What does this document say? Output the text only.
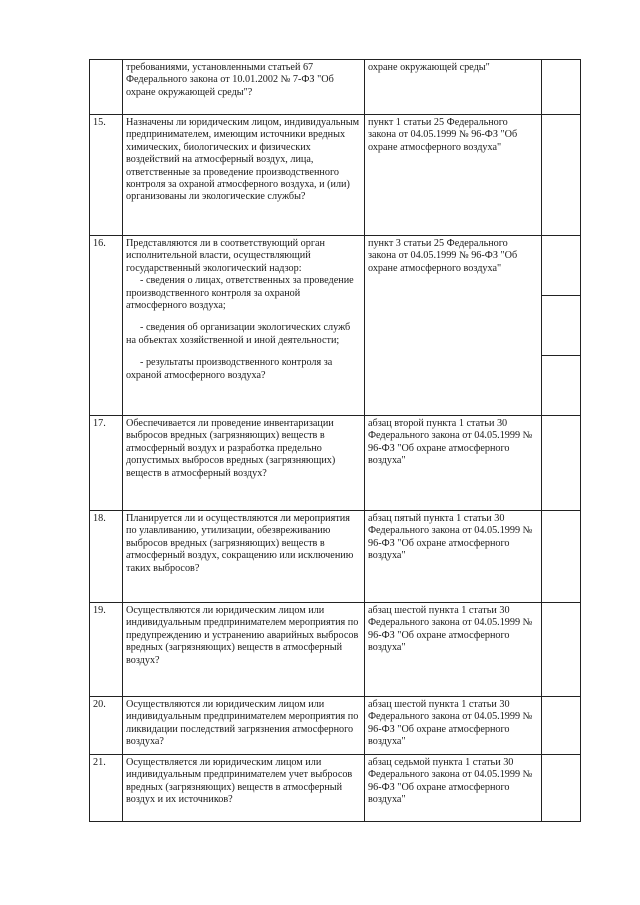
	требованиями, установленными статьей 67 Федерального закона от 10.01.2002 № 7-ФЗ "Об охране окружающей среды"?	охране окружающей среды"	
15.	Назначены ли юридическим лицом, индивидуальным предпринимателем, имеющим источники вредных химических, биологических и физических воздействий на атмосферный воздух, лица, ответственные за проведение производственного контроля за охраной атмосферного воздуха, и (или) организованы ли экологические службы?	пункт 1 статьи 25 Федерального закона от 04.05.1999 № 96-ФЗ "Об охране атмосферного воздуха"	
16.	Представляются ли в соответствующий орган исполнительной власти, осуществляющий государственный экологический надзор:
- сведения о лицах, ответственных за проведение производственного контроля за охраной атмосферного воздуха;
- сведения об организации экологических служб на объектах хозяйственной и иной деятельности;
- результаты производственного контроля за охраной атмосферного воздуха?	пункт 3 статьи 25 Федерального закона от 04.05.1999 № 96-ФЗ "Об охране атмосферного воздуха"	

17.	Обеспечивается ли проведение инвентаризации выбросов вредных (загрязняющих) веществ в атмосферный воздух и разработка предельно допустимых выбросов вредных (загрязняющих) веществ в атмосферный воздух?	абзац второй пункта 1 статьи 30 Федерального закона от 04.05.1999 № 96-ФЗ "Об охране атмосферного воздуха"	
18.	Планируется ли и осуществляются ли мероприятия по улавливанию, утилизации, обезвреживанию выбросов вредных (загрязняющих) веществ в атмосферный воздух, сокращению или исключению таких выбросов?	абзац пятый пункта 1 статьи 30 Федерального закона от 04.05.1999 № 96-ФЗ "Об охране атмосферного воздуха"	
19.	Осуществляются ли юридическим лицом или индивидуальным предпринимателем мероприятия по предупреждению и устранению аварийных выбросов вредных (загрязняющих) веществ в атмосферный воздух?	абзац шестой пункта 1 статьи 30 Федерального закона от 04.05.1999 № 96-ФЗ "Об охране атмосферного воздуха"	
20.	Осуществляются ли юридическим лицом или индивидуальным предпринимателем мероприятия по ликвидации последствий загрязнения атмосферного воздуха?	абзац шестой пункта 1 статьи 30 Федерального закона от 04.05.1999 № 96-ФЗ "Об охране атмосферного воздуха"	
21.	Осуществляется ли юридическим лицом или индивидуальным предпринимателем учет выбросов вредных (загрязняющих) веществ в атмосферный воздух и их источников?	абзац седьмой пункта 1 статьи 30 Федерального закона от 04.05.1999 № 96-ФЗ "Об охране атмосферного воздуха"	
